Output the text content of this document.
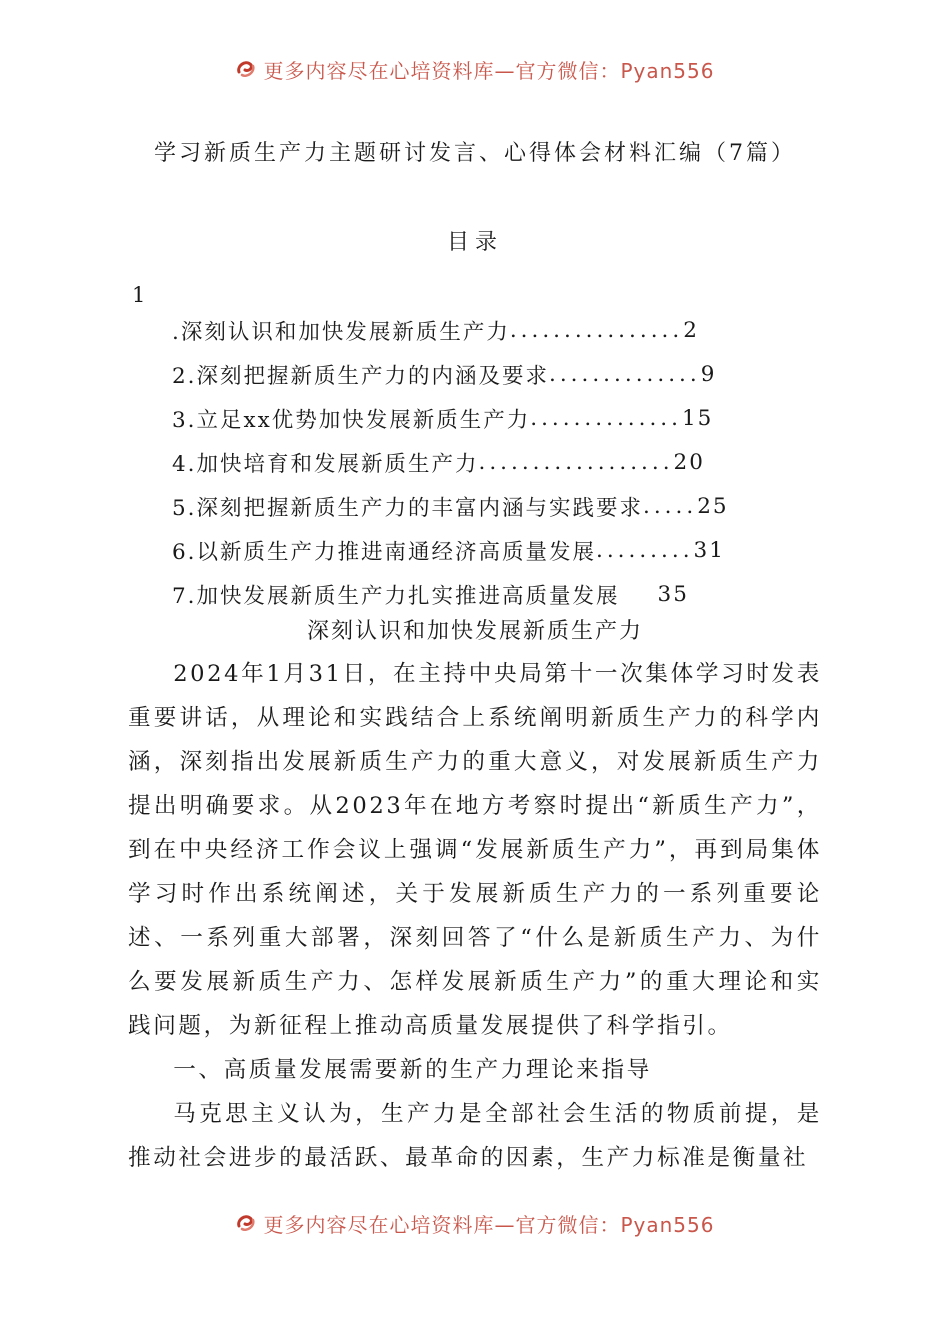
更多内容尽在心培资料库—官方微信：Pyan556
学习新质生产力主题研讨发言、心得体会材料汇编（7篇）
目录
1
.深刻认识和加快发展新质生产力 ................ 2
2.深刻把握新质生产力的内涵及要求 .............. 9
3.立足xx优势加快发展新质生产力 .............. 15
4.加快培育和发展新质生产力 .................. 20
5.深刻把握新质生产力的丰富内涵与实践要求 ..... 25
6.以新质生产力推进南通经济高质量发展 ......... 31
7.加快发展新质生产力扎实推进高质量发展 35
深刻认识和加快发展新质生产力

2024年1月31日，在主持中央局第十一次集体学习时发表重要讲话，从理论和实践结合上系统阐明新质生产力的科学内涵，深刻指出发展新质生产力的重大意义，对发展新质生产力提出明确要求。从2023年在地方考察时提出“新质生产力”，到在中央经济工作会议上强调“发展新质生产力”，再到局集体学习时作出系统阐述，关于发展新质生产力的一系列重要论述、一系列重大部署，深刻回答了“什么是新质生产力、为什么要发展新质生产力、怎样发展新质生产力”的重大理论和实践问题，为新征程上推动高质量发展提供了科学指引。

一、高质量发展需要新的生产力理论来指导

马克思主义认为，生产力是全部社会生活的物质前提，是推动社会进步的最活跃、最革命的因素，生产力标准是衡量社

更多内容尽在心培资料库—官方微信：Pyan556
